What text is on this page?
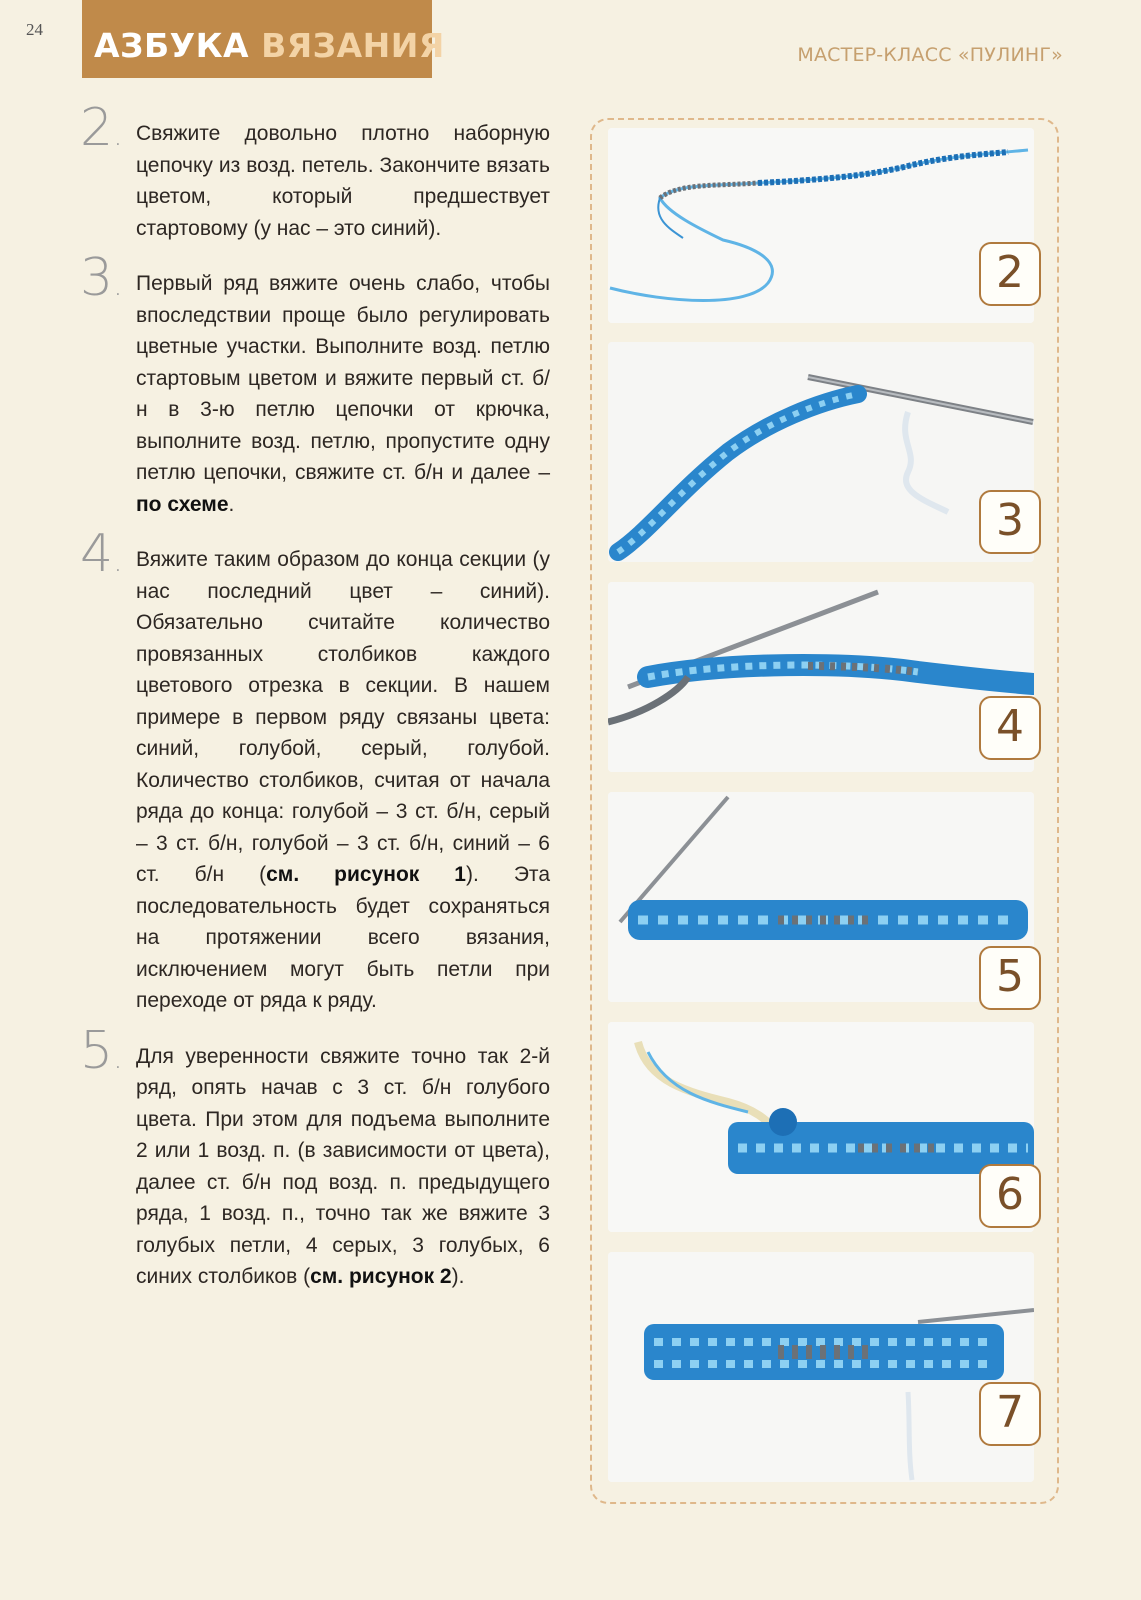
24 АЗБУКА ВЯЗАНИЯ	МАСТЕР-КЛАСС «ПУЛИНГ»
2 .	Свяжите довольно плотно наборную цепочку из возд. петель. Закончите вязать цветом, который предшествует стартовому (у нас – это синий).
3 .	Первый ряд вяжите очень слабо, чтобы впоследствии проще было регулировать цветные участки. Выполните возд. петлю стартовым цветом и вяжите первый ст. б/н в 3-ю петлю цепочки от крючка, выполните возд. петлю, пропустите одну петлю цепочки, свяжите ст. б/н и далее – по схеме.
4 .	Вяжите таким образом до конца секции (у нас последний цвет – синий). Обязательно считайте количество провязанных столбиков каждого цветового отрезка в секции. В нашем примере в первом ряду связаны цвета: синий, голубой, серый, голубой. Количество столбиков, считая от начала ряда до конца: голубой – 3 ст. б/н, серый – 3 ст. б/н, голубой – 3 ст. б/н, синий – 6 ст. б/н (см. рисунок 1). Эта последовательность будет сохраняться на протяжении всего вязания, исключением могут быть петли при переходе от ряда к ряду.
5 .	Для уверенности свяжите точно так 2-й ряд, опять начав с 3 ст. б/н голубого цвета. При этом для подъема выполните 2 или 1 возд. п. (в зависимости от цвета), далее ст. б/н под возд. п. предыдущего ряда, 1 возд. п., точно так же вяжите 3 голубых петли, 4 серых, 3 голубых, 6 синих столбиков (см. рисунок 2).
2
3
4
5
6
7
